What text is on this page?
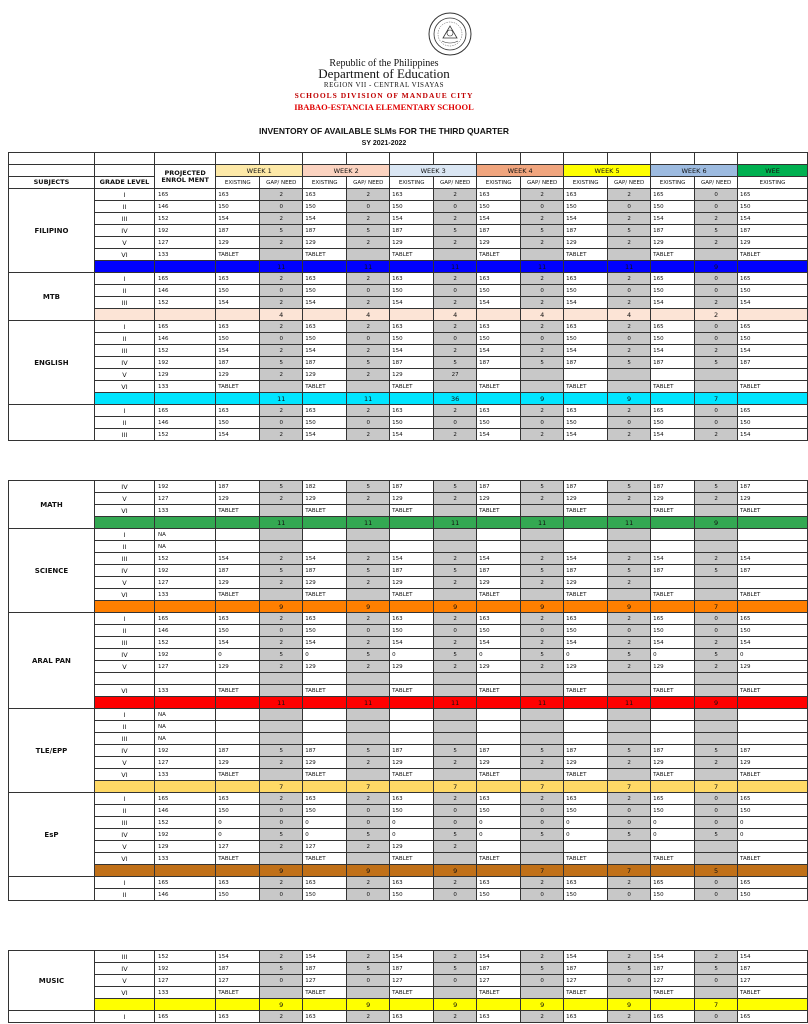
Republic of the Philippines
Department of Education
REGION VII - CENTRAL VISAYAS
SCHOOLS DIVISION OF MANDAUE CITY
IBABAO-ESTANCIA ELEMENTARY SCHOOL
INVENTORY OF AVAILABLE SLMs FOR THE THIRD QUARTER
SY 2021-2022

		PROJECTED
ENROL MENT	WEEK 1		WEEK 2		WEEK 3		WEEK 4		WEEK 5		WEEK 6		WEE
SUBJECTS	GRADE LEVEL		EXISTING	GAP/ NEED	EXISTING	GAP/ NEED	EXISTING	GAP/ NEED	EXISTING	GAP/ NEED	EXISTING	GAP/ NEED	EXISTING	GAP/ NEED	EXISTING
FILIPINO	I	165	163	2	163	2	163	2	163	2	163	2	165	0	165
	II	146	150	0	150	0	150	0	150	0	150	0	150	0	150
	III	152	154	2	154	2	154	2	154	2	154	2	154	2	154
	IV	192	187	5	187	5	187	5	187	5	187	5	187	5	187
	V	127	129	2	129	2	129	2	129	2	129	2	129	2	129
	VI	133	TABLET		TABLET		TABLET		TABLET		TABLET		TABLET		TABLET
				11		11		11		11		11		9	
MTB	I	165	163	2	163	2	163	2	163	2	163	2	165	0	165
	II	146	150	0	150	0	150	0	150	0	150	0	150	0	150
	III	152	154	2	154	2	154	2	154	2	154	2	154	2	154
				4		4		4		4		4		2	
ENGLISH	I	165	163	2	163	2	163	2	163	2	163	2	165	0	165
	II	146	150	0	150	0	150	0	150	0	150	0	150	0	150
	III	152	154	2	154	2	154	2	154	2	154	2	154	2	154
	IV	192	187	5	187	5	187	5	187	5	187	5	187	5	187
	V	129	129	2	129	2	129	27							
	VI	133	TABLET		TABLET		TABLET		TABLET		TABLET		TABLET		TABLET
				11		11		36		9		9		7	
	I	165	163	2	163	2	163	2	163	2	163	2	165	0	165
	II	146	150	0	150	0	150	0	150	0	150	0	150	0	150
	III	152	154	2	154	2	154	2	154	2	154	2	154	2	154
MATH	IV	192	187	5	182	5	187	5	187	5	187	5	187	5	187
	V	127	129	2	129	2	129	2	129	2	129	2	129	2	129
	VI	133	TABLET		TABLET		TABLET		TABLET		TABLET		TABLET		TABLET
				11		11		11		11		11		9	
SCIENCE	I	NA													
	II	NA													
	III	152	154	2	154	2	154	2	154	2	154	2	154	2	154
	IV	192	187	5	187	5	187	5	187	5	187	5	187	5	187
	V	127	129	2	129	2	129	2	129	2	129	2			
	VI	133	TABLET		TABLET		TABLET		TABLET		TABLET		TABLET		TABLET
				9		9		9		9		9		7	
ARAL PAN	I	165	163	2	163	2	163	2	163	2	163	2	165	0	165
	II	146	150	0	150	0	150	0	150	0	150	0	150	0	150
	III	152	154	2	154	2	154	2	154	2	154	2	154	2	154
	IV	192	0	5	0	5	0	5	0	5	0	5	0	5	0
	V	127	129	2	129	2	129	2	129	2	129	2	129	2	129

	VI	133	TABLET		TABLET		TABLET		TABLET		TABLET		TABLET		TABLET
				11		11		11		11		11		9	
TLE/EPP	I	NA													
	II	NA													
	III	NA													
	IV	192	187	5	187	5	187	5	187	5	187	5	187	5	187
	V	127	129	2	129	2	129	2	129	2	129	2	129	2	129
	VI	133	TABLET		TABLET		TABLET		TABLET		TABLET		TABLET		TABLET
				7		7		7		7		7		7	
EsP	I	165	163	2	163	2	163	2	163	2	163	2	165	0	165
	II	146	150	0	150	0	150	0	150	0	150	0	150	0	150
	III	152	0	0	0	0	0	0	0	0	0	0	0	0	0
	IV	192	0	5	0	5	0	5	0	5	0	5	0	5	0
	V	129	127	2	127	2	129	2							
	VI	133	TABLET		TABLET		TABLET		TABLET		TABLET		TABLET		TABLET
				9		9		9		7		7		5	
	I	165	163	2	163	2	163	2	163	2	163	2	165	0	165
	II	146	150	0	150	0	150	0	150	0	150	0	150	0	150
MUSIC	III	152	154	2	154	2	154	2	154	2	154	2	154	2	154
	IV	192	187	5	187	5	187	5	187	5	187	5	187	5	187
	V	127	127	0	127	0	127	0	127	0	127	0	127	0	127
	VI	133	TABLET		TABLET		TABLET		TABLET		TABLET		TABLET		TABLET
				9		9		9		9		9		7	
	I	165	163	2	163	2	163	2	163	2	163	2	165	0	165
